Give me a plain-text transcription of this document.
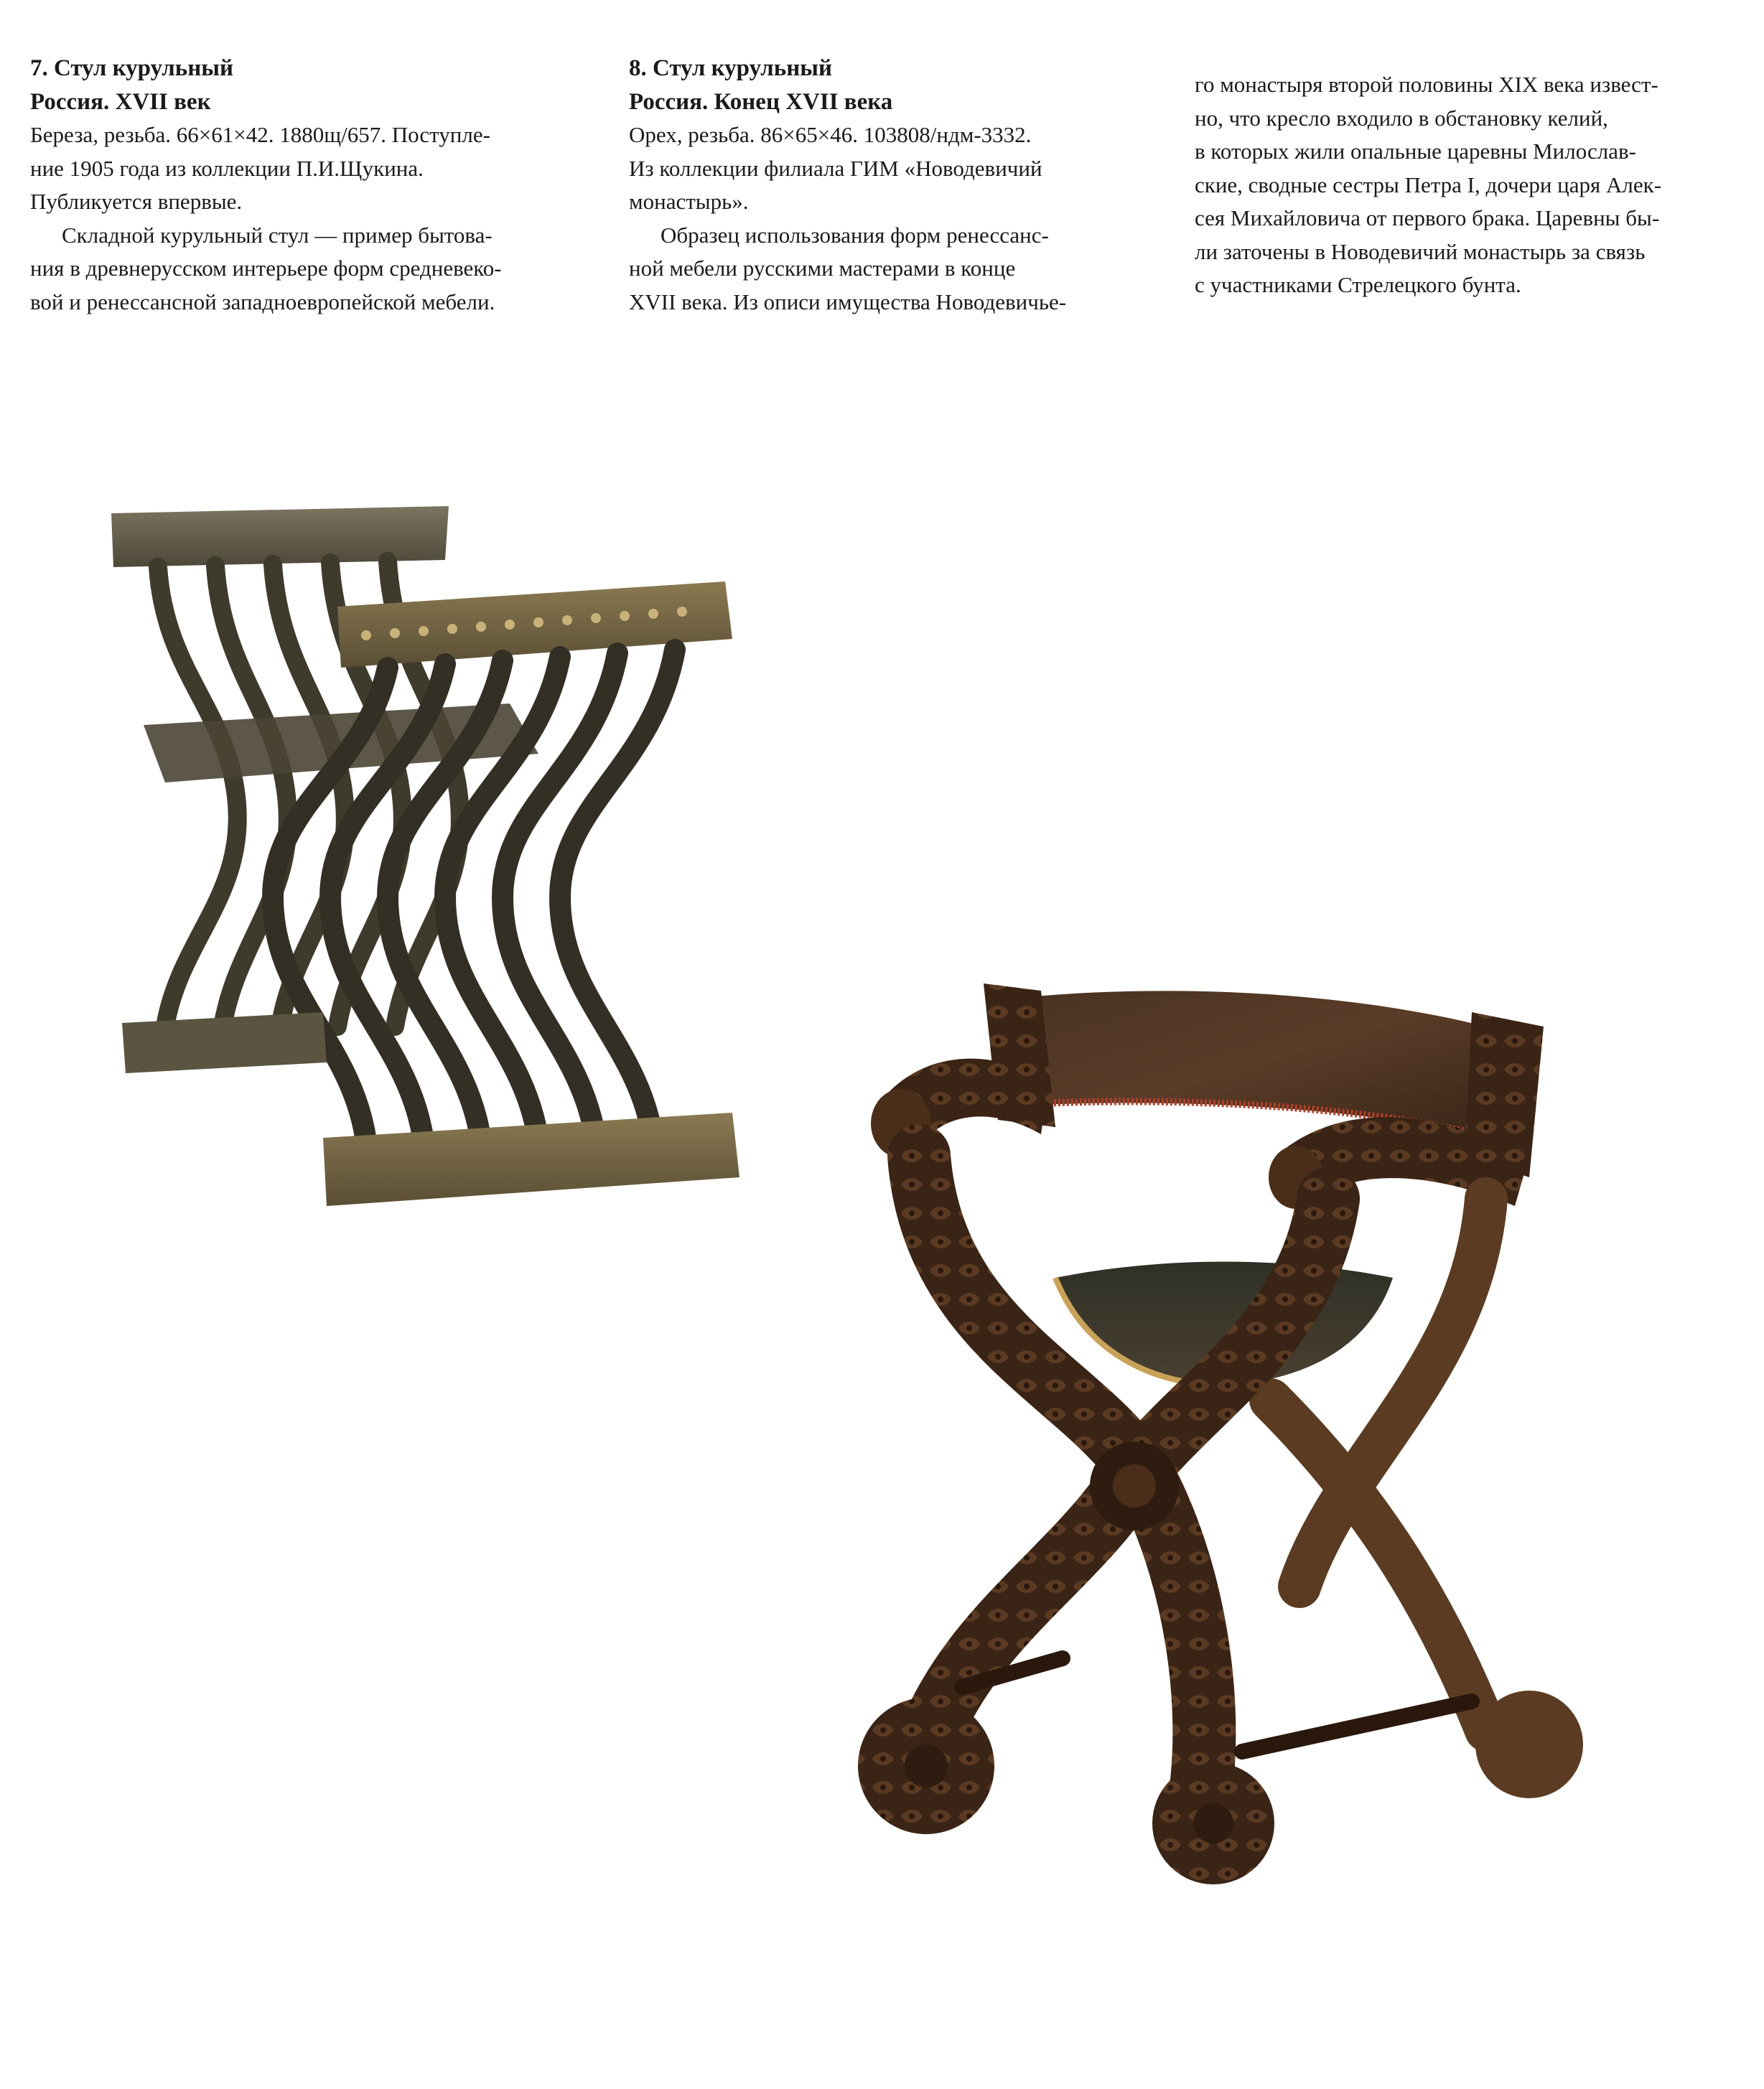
7. Стул курульный

Россия. XVII век

Береза, резьба. 66×61×42. 1880щ/657. Поступле-

ние 1905 года из коллекции П.И.Щукина.

Публикуется впервые.

Складной курульный стул — пример бытова-

ния в древнерусском интерьере форм средневеко-

вой и ренессансной западноевропейской мебели.

8. Стул курульный

Россия. Конец XVII века

Орех, резьба. 86×65×46. 103808/ндм-3332.

Из коллекции филиала ГИМ «Новодевичий

монастырь».

Образец использования форм ренессанс-

ной мебели русскими мастерами в конце

XVII века. Из описи имущества Новодевичье-

го монастыря второй половины XIX века извест-

но, что кресло входило в обстановку келий,

в которых жили опальные царевны Милослав-

ские, сводные сестры Петра I, дочери царя Алек-

сея Михайловича от первого брака. Царевны бы-

ли заточены в Новодевичий монастырь за связь

с участниками Стрелецкого бунта.
